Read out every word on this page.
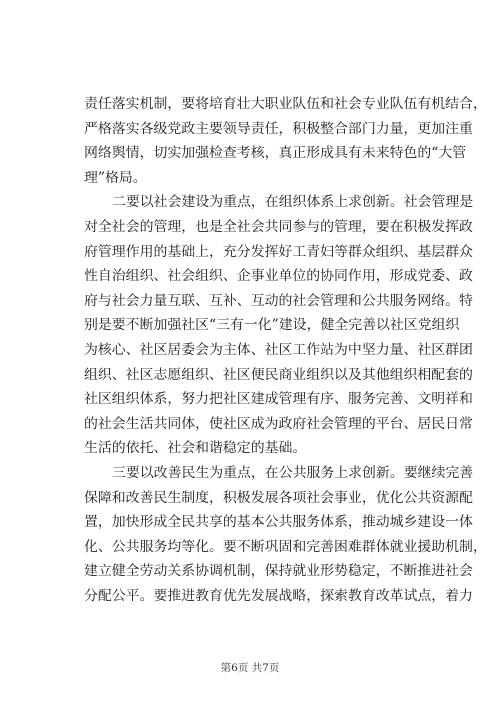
责任落实机制，要将培育壮大职业队伍和社会专业队伍有机结合，
严格落实各级党政主要领导责任，积极整合部门力量，更加注重
网络舆情，切实加强检查考核，真正形成具有未来特色的“大管
理”格局。
二要以社会建设为重点，在组织体系上求创新。社会管理是
对全社会的管理，也是全社会共同参与的管理，要在积极发挥政
府管理作用的基础上，充分发挥好工青妇等群众组织、基层群众
性自治组织、社会组织、企事业单位的协同作用，形成党委、政
府与社会力量互联、互补、互动的社会管理和公共服务网络。特
别是要不断加强社区“三有一化”建设，健全完善以社区党组织
为核心、社区居委会为主体、社区工作站为中坚力量、社区群团
组织、社区志愿组织、社区便民商业组织以及其他组织相配套的
社区组织体系，努力把社区建成管理有序、服务完善、文明祥和
的社会生活共同体，使社区成为政府社会管理的平台、居民日常
生活的依托、社会和谐稳定的基础。
三要以改善民生为重点，在公共服务上求创新。要继续完善
保障和改善民生制度，积极发展各项社会事业，优化公共资源配
置，加快形成全民共享的基本公共服务体系，推动城乡建设一体
化、公共服务均等化。要不断巩固和完善困难群体就业援助机制，
建立健全劳动关系协调机制，保持就业形势稳定，不断推进社会
分配公平。要推进教育优先发展战略，探索教育改革试点，着力
第6页 共7页
